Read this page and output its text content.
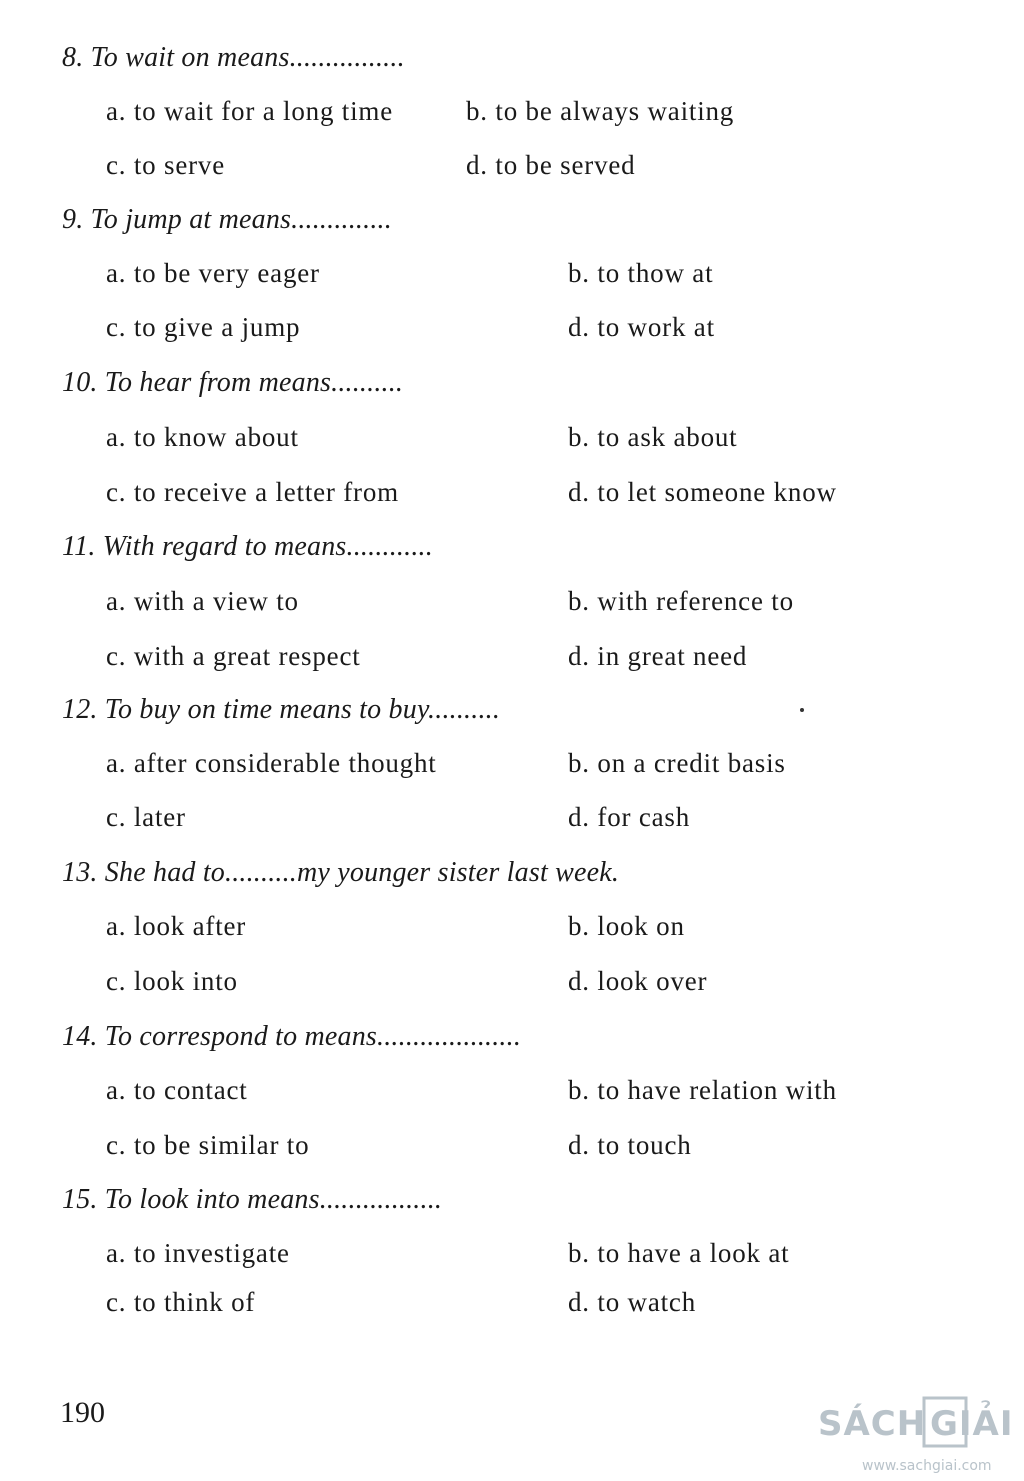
8. To wait on means................
a. to wait for a long time	b. to be always waiting
c. to serve	d. to be served
9. To jump at means..............
a. to be very eager	b. to thow at
c. to give a jump	d. to work at
10. To hear from means..........
a. to know about	b. to ask about
c. to receive a letter from	d. to let someone know
11. With regard to means............
a. with a view to	b. with reference to
c. with a great respect	d. in great need
12. To buy on time means to buy..........
a. after considerable thought	b. on a credit basis
c. later	d. for cash
13. She had to..........my younger sister last week.
a. look after	b. look on
c. look into	d. look over
14. To correspond to means....................
a. to contact	b. to have relation with
c. to be similar to	d. to touch
15. To look into means.................
a. to investigate	b. to have a look at
c. to think of	d. to watch
190	SÁCH GIẢI
www.sachgiai.com
